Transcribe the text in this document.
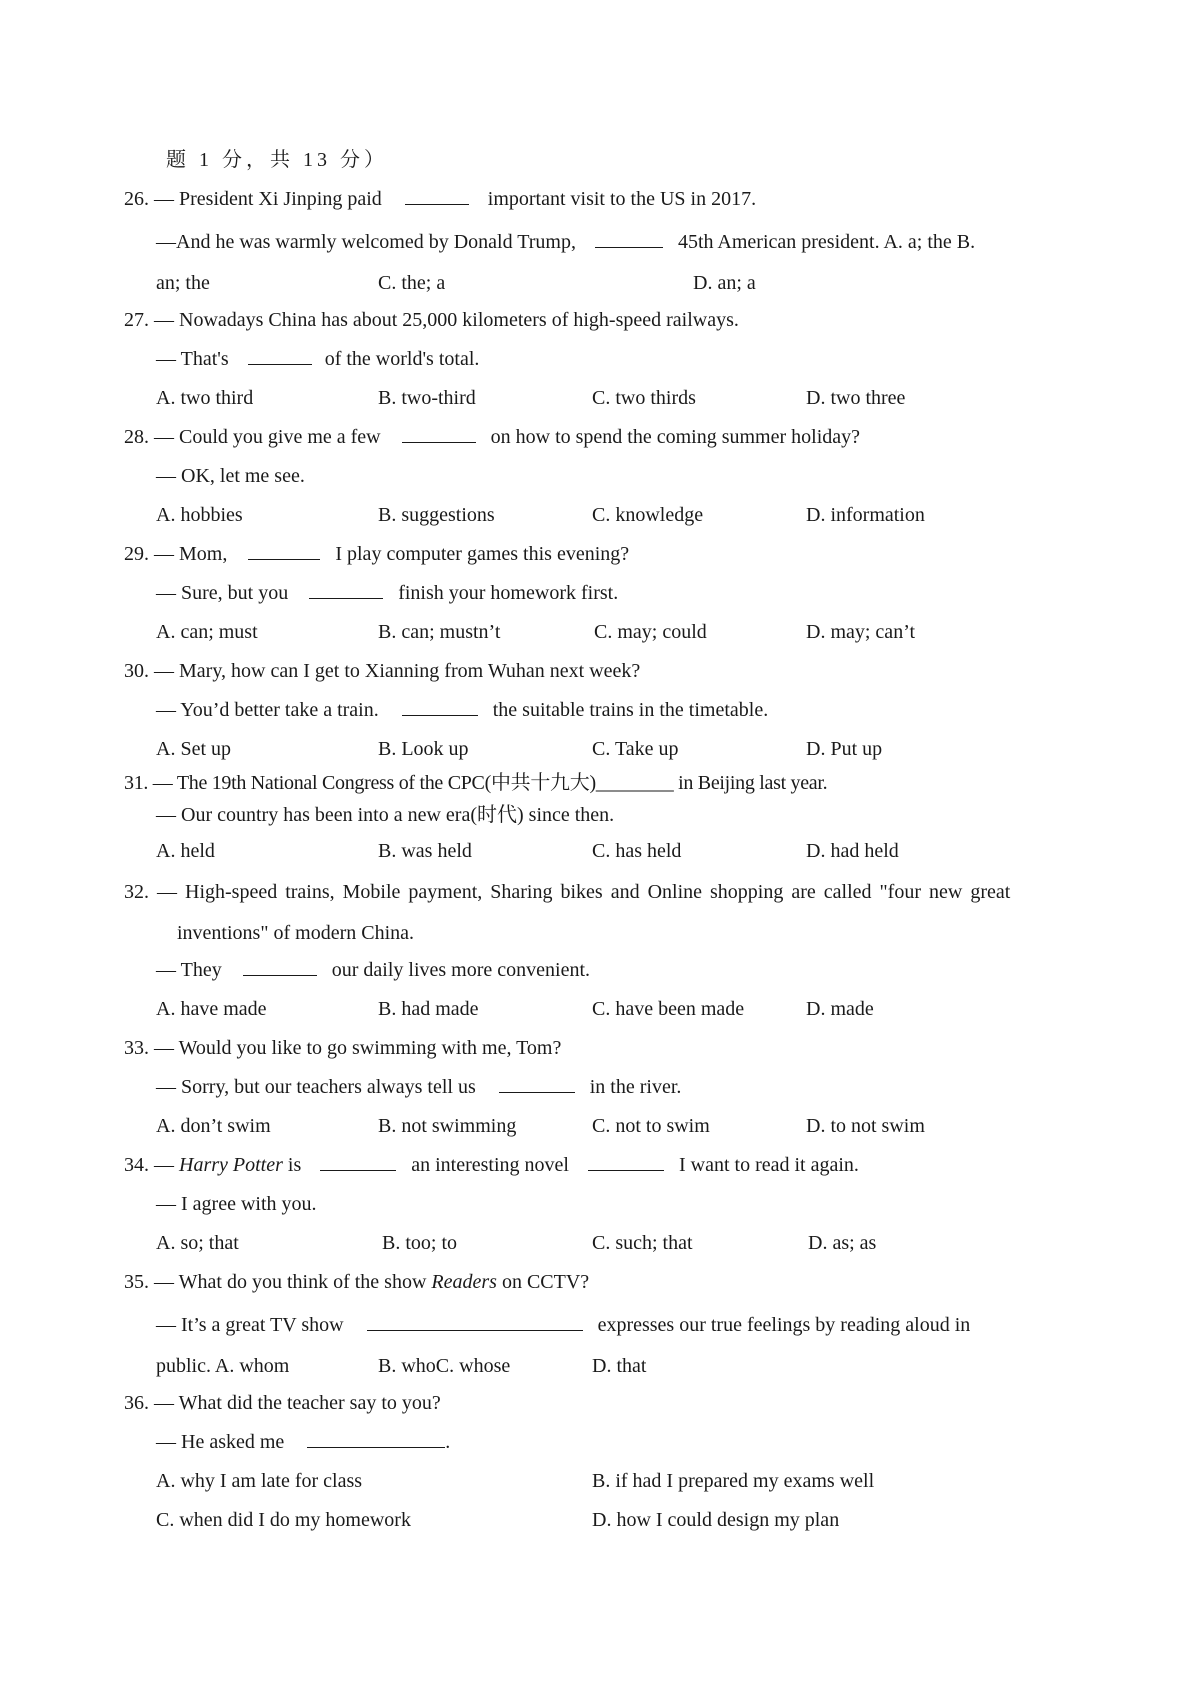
题 1 分，共 13 分）
26. — President Xi Jinping paid	important visit to the US in 2017.
—And he was warmly welcomed by Donald Trump,	45th American president. A. a; the B.
an; the	C. the; a	D. an; a
27. — Nowadays China has about 25,000 kilometers of high-speed railways.
— That's	of the world's total.
A. two third	B. two-third	C. two thirds	D. two three
28. — Could you give me a few	on how to spend the coming summer holiday?
— OK, let me see.
A. hobbies	B. suggestions	C. knowledge	D. information
29. — Mom,	I play computer games this evening?
— Sure, but you	finish your homework first.
A. can; must	B. can; mustn’t	C. may; could	D. may; can’t
30. — Mary, how can I get to Xianning from Wuhan next week?
— You’d better take a train.	the suitable trains in the timetable.
A. Set up	B. Look up	C. Take up	D. Put up
31. — The 19th National Congress of the CPC(中共十九大)________ in Beijing last year.
— Our country has been into a new era(时代) since then.
A. held	B. was held	C. has held	D. had held
32. — High-speed trains, Mobile payment, Sharing bikes and Online shopping are called "four new great
inventions" of modern China.
— They	our daily lives more convenient.
A. have made	B. had made	C. have been made	D. made
33. — Would you like to go swimming with me, Tom?
— Sorry, but our teachers always tell us	in the river.
A. don’t swim	B. not swimming	C. not to swim	D. to not swim
34. — Harry Potter is	an interesting novel	I want to read it again.
— I agree with you.
A. so; that	B. too; to	C. such; that	D. as; as
35. — What do you think of the show Readers on CCTV?
— It’s a great TV show	expresses our true feelings by reading aloud in
public. A. whom	B. whoC. whose	D. that
36. — What did the teacher say to you?
— He asked me	.
A. why I am late for class	B. if had I prepared my exams well
C. when did I do my homework	D. how I could design my plan
